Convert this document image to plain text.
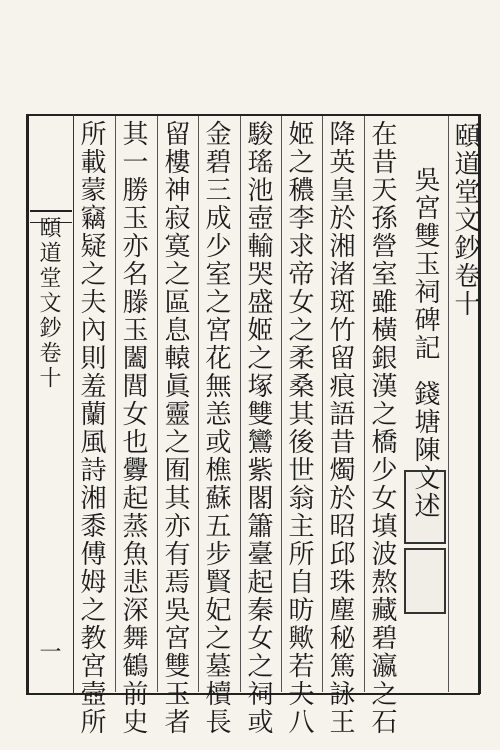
頤道堂文鈔卷十
一 所載蒙竊疑之夫內則羞蘭風詩湘黍傅姆之教宮壼所 其一勝玉亦名滕玉闔閭女也釁起蒸魚悲深舞鶴前史 留樓神寂寞之區息轅眞靈之囿其亦有焉吳宮雙玉者 金碧三成少室之宮花無恙或樵蘇五步賢妃之墓櫝長 駿瑤池壺輸哭盛姬之塚雙鸞紫閣簫臺起秦女之祠或 姬之穠李求帝女之柔桑其後世翁主所自昉歟若夫八 降英皇於湘渚斑竹留痕語昔燭於昭邱珠塵秘篤詠王 在昔天孫營室雖橫銀漢之橋少女填波熬藏碧瀛之石 吳宮雙玉祠碑記
錢塘陳文述
頤道堂文鈔卷十
